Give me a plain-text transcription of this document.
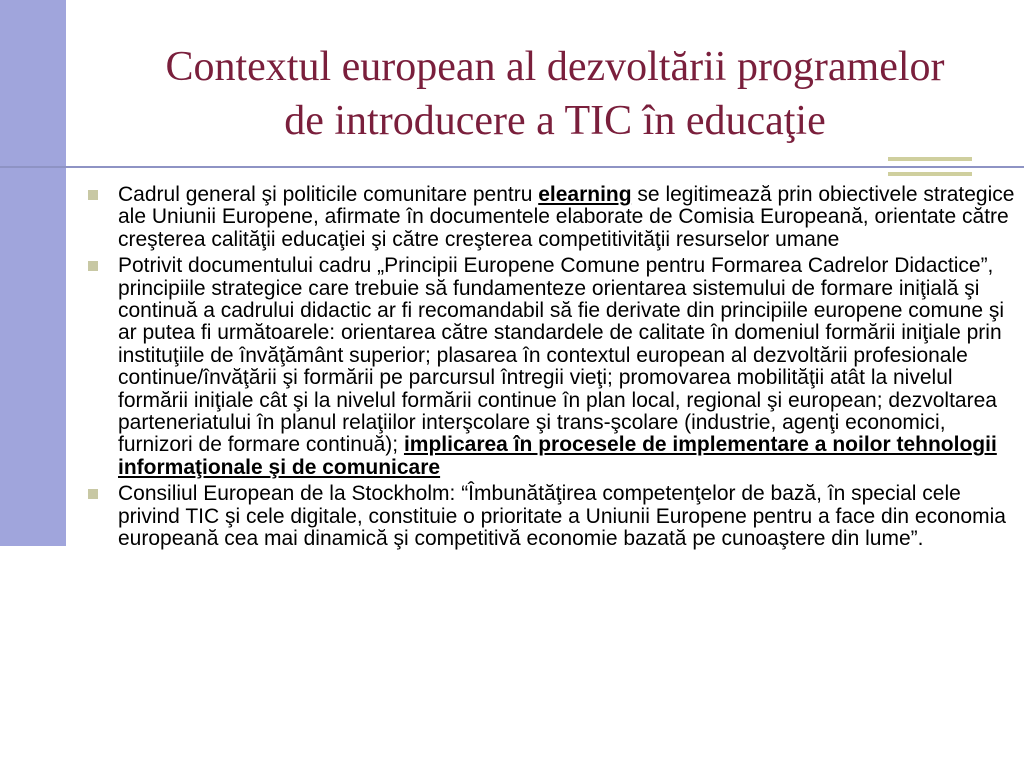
Contextul european al dezvoltării programelor
de introducere a TIC în educaţie
Cadrul general şi politicile comunitare pentru elearning se legitimează prin obiectivele strategice ale Uniunii Europene, afirmate în documentele elaborate de Comisia Europeană, orientate către creşterea calităţii educaţiei şi către creşterea competitivităţii resurselor umane
Potrivit documentului cadru „Principii Europene Comune pentru Formarea Cadrelor Didactice”, principiile strategice care trebuie să fundamenteze orientarea sistemului de formare iniţială şi continuă a cadrului didactic ar fi recomandabil să fie derivate din principiile europene comune şi ar putea fi următoarele: orientarea către standardele de calitate în domeniul formării iniţiale prin instituţiile de învăţământ superior; plasarea în contextul european al dezvoltării profesionale continue/învăţării şi formării pe parcursul întregii vieţi; promovarea mobilităţii atât la nivelul formării iniţiale cât şi la nivelul formării continue în plan local, regional şi european; dezvoltarea parteneriatului în planul relaţiilor interşcolare şi trans-şcolare (industrie, agenţi economici, furnizori de formare continuă); implicarea în procesele de implementare a noilor tehnologii informaţionale şi de comunicare
Consiliul European de la Stockholm: “Îmbunătăţirea competenţelor de bază, în special cele privind TIC şi cele digitale, constituie o prioritate a Uniunii Europene pentru a face din economia europeană cea mai dinamică şi competitivă economie bazată pe cunoaştere din lume”.
